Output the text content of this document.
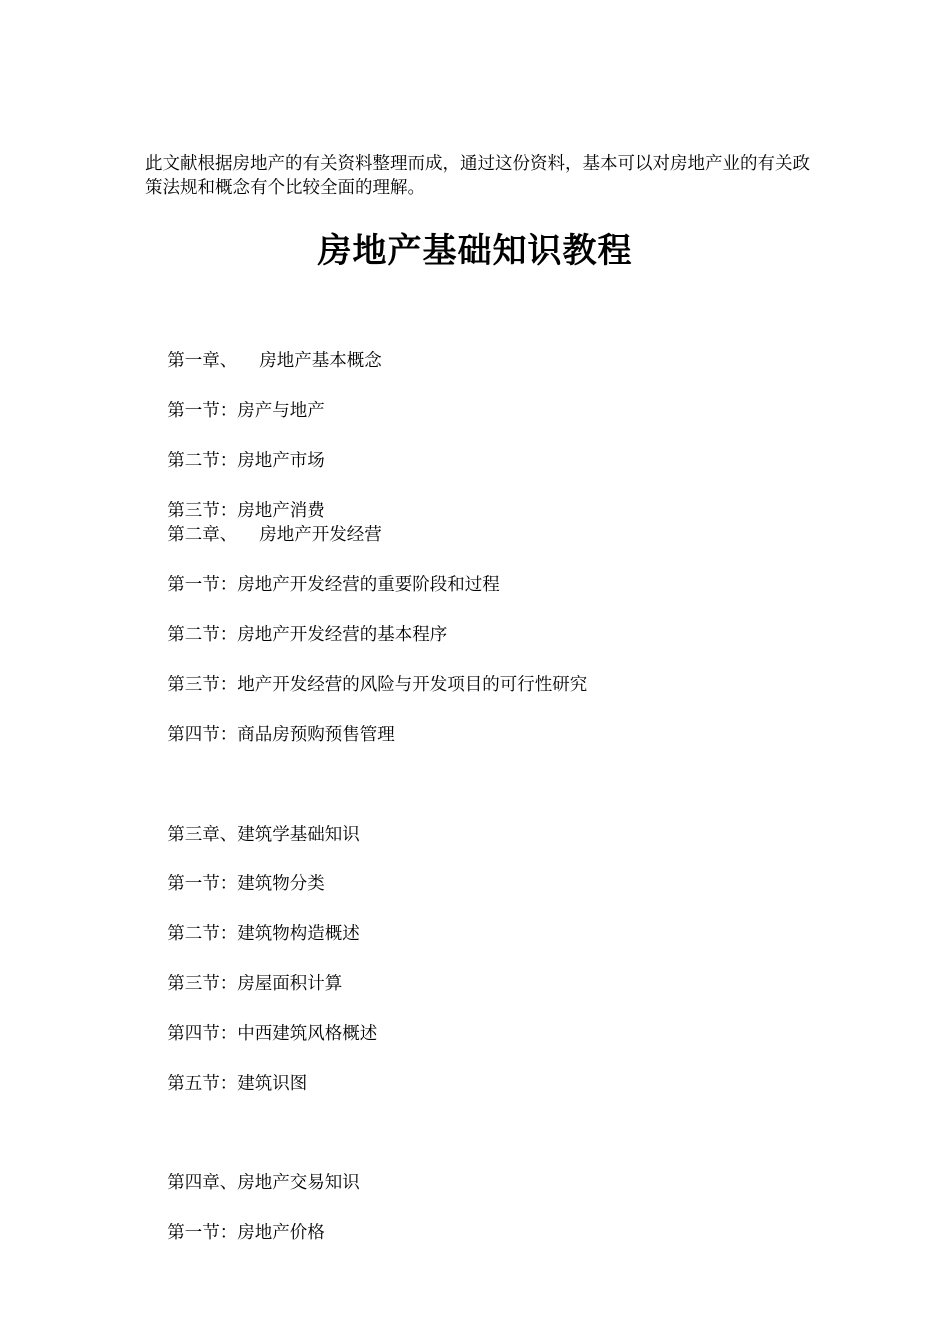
此文献根据房地产的有关资料整理而成，通过这份资料，基本可以对房地产业的有关政策法规和概念有个比较全面的理解。
房地产基础知识教程

第一章、 房地产基本概念

第一节：房产与地产

第二节：房地产市场

第三节：房地产消费

第二章、 房地产开发经营

第一节：房地产开发经营的重要阶段和过程

第二节：房地产开发经营的基本程序

第三节：地产开发经营的风险与开发项目的可行性研究

第四节：商品房预购预售管理

第三章、建筑学基础知识

第一节：建筑物分类

第二节：建筑物构造概述

第三节：房屋面积计算

第四节：中西建筑风格概述

第五节：建筑识图

第四章、房地产交易知识

第一节：房地产价格
